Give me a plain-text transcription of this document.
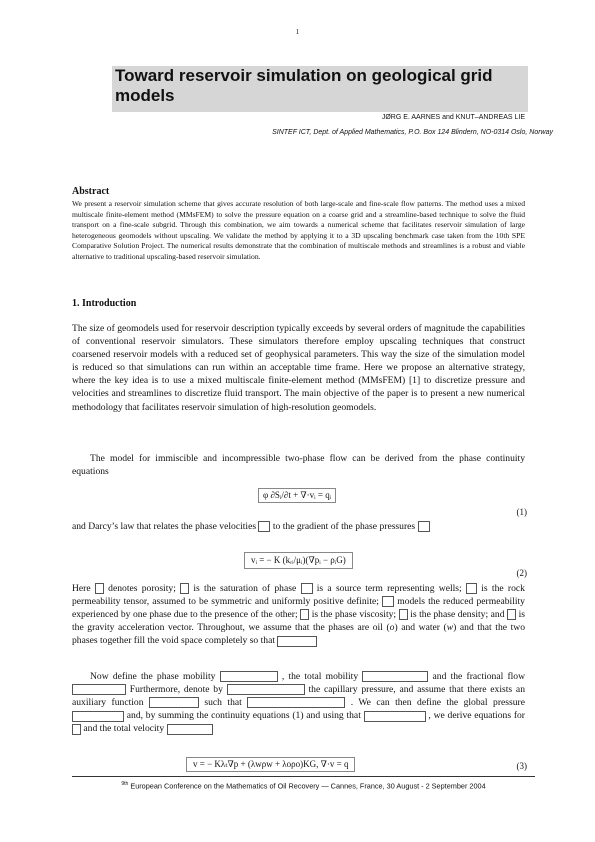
1
Toward reservoir simulation on geological grid models
JØRG E. AARNES and KNUT–ANDREAS LIE
SINTEF ICT, Dept. of Applied Mathematics, P.O. Box 124 Blindern, NO-0314 Oslo, Norway
Abstract
We present a reservoir simulation scheme that gives accurate resolution of both large-scale and fine-scale flow patterns. The method uses a mixed multiscale finite-element method (MMsFEM) to solve the pressure equation on a coarse grid and a streamline-based technique to solve the fluid transport on a fine-scale subgrid. Through this combination, we aim towards a numerical scheme that facilitates reservoir simulation of large heterogeneous geomodels without upscaling. We validate the method by applying it to a 3D upscaling benchmark case taken from the 10th SPE Comparative Solution Project. The numerical results demonstrate that the combination of multiscale methods and streamlines is a robust and viable alternative to traditional upscaling-based reservoir simulation.
1. Introduction
The size of geomodels used for reservoir description typically exceeds by several orders of magnitude the capabilities of conventional reservoir simulators. These simulators therefore employ upscaling techniques that construct coarsened reservoir models with a reduced set of geophysical parameters. This way the size of the simulation model is reduced so that simulations can run within an acceptable time frame. Here we propose an alternative strategy, where the key idea is to use a mixed multiscale finite-element method (MMsFEM) [1] to discretize pressure and velocities and streamlines to discretize fluid transport. The main objective of the paper is to present a new numerical methodology that facilitates reservoir simulation of high-resolution geomodels.
The model for immiscible and incompressible two-phase flow can be derived from the phase continuity equations
φ ∂Sᵢ/∂t + ∇·vᵢ = qᵢ
(1)
and Darcy’s law that relates the phase velocities to the gradient of the phase pressures
vᵢ = − K (kᵣᵢ/μᵢ)(∇pᵢ − ρᵢG)
(2)
Here denotes porosity; is the saturation of phase is a source term representing wells; is the rock permeability tensor, assumed to be symmetric and uniformly positive definite; models the reduced permeability experienced by one phase due to the presence of the other; is the phase viscosity; is the phase density; and is the gravity acceleration vector. Throughout, we assume that the phases are oil (o) and water (w) and that the two phases together fill the void space completely so that
Now define the phase mobility	, the total mobility	and the fractional flow  Furthermore, denote by	the capillary pressure, and assume that there exists an auxiliary function	such that	. We can then define the global pressure  and, by summing the continuity equations (1) and using that	, we derive equations for  and the total velocity
v = − Kλₜ∇p + (λwρw + λoρo)KG, ∇·v = q	(3)
$^{9th}$ European Conference on the Mathematics of Oil Recovery — Cannes, France, 30 August - 2 September 2004
